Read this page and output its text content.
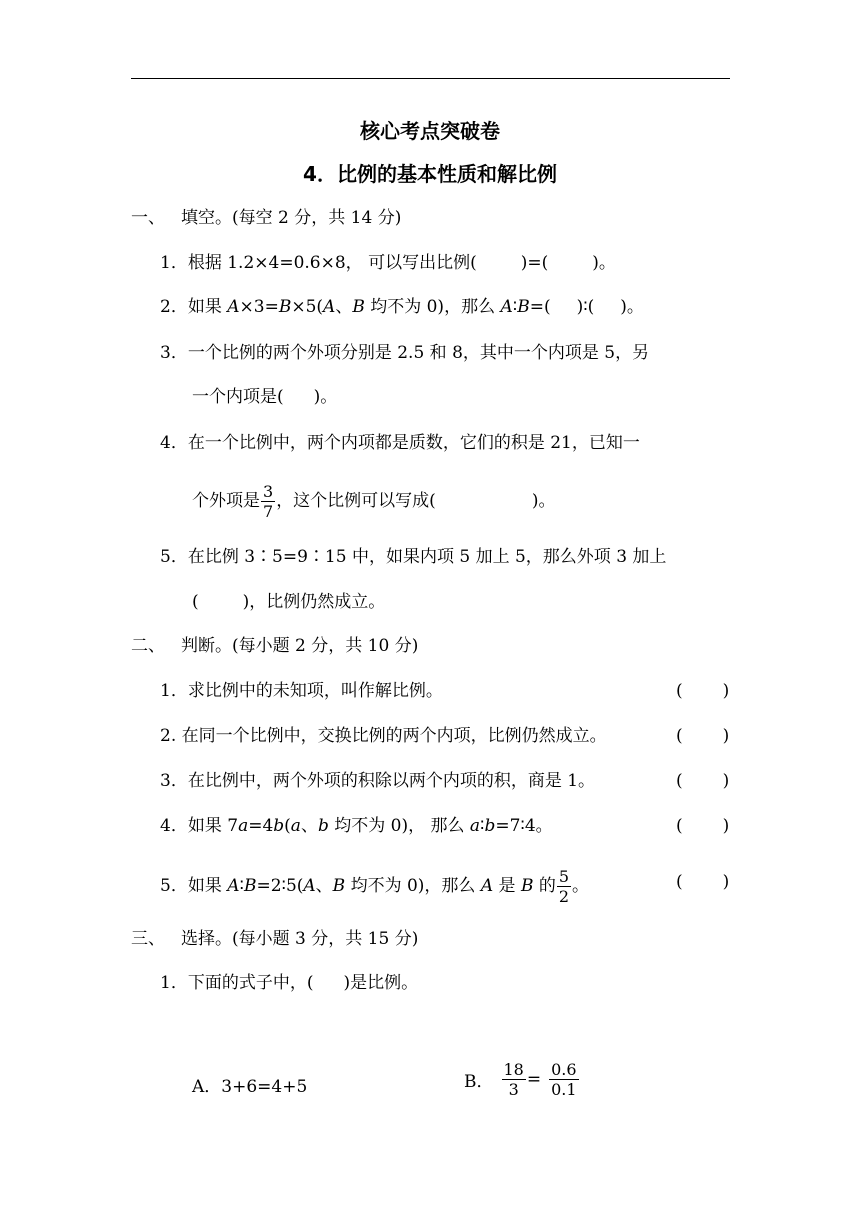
核心考点突破卷
4．比例的基本性质和解比例
一、 填空。(每空 2 分，共 14 分)
1．根据 1.2×4=0.6×8， 可以写出比例(	)=(	)。
2．如果 A×3=B×5(A、B 均不为 0)，那么 A∶B=( )∶( )。
3．一个比例的两个外项分别是 2.5 和 8，其中一个内项是 5，另
一个内项是( )。
4．在一个比例中，两个内项都是质数，它们的积是 21，已知一
个外项是 $\frac{3}{7}$ ，这个比例可以写成(	)。
5．在比例 3∶5=9∶15 中，如果内项 5 加上 5，那么外项 3 加上
(	)，比例仍然成立。
二、 判断。(每小题 2 分，共 10 分)
1．求比例中的未知项，叫作解比例。	( )
2. 在同一个比例中，交换比例的两个内项，比例仍然成立。	( )
3．在比例中，两个外项的积除以两个内项的积，商是 1。	( )
4．如果 7a=4b(a、b 均不为 0)， 那么 a∶b=7∶4。	( )
5．如果 A∶B=2∶5(A、B 均不为 0)，那么 A 是 B 的 $\frac{5}{2}$ 。	( )
三、 选择。(每小题 3 分，共 15 分)
1．下面的式子中，( )是比例。
A．3+6=4+5	B． $\frac{18}{3} = \frac{0.6}{0.1}$
